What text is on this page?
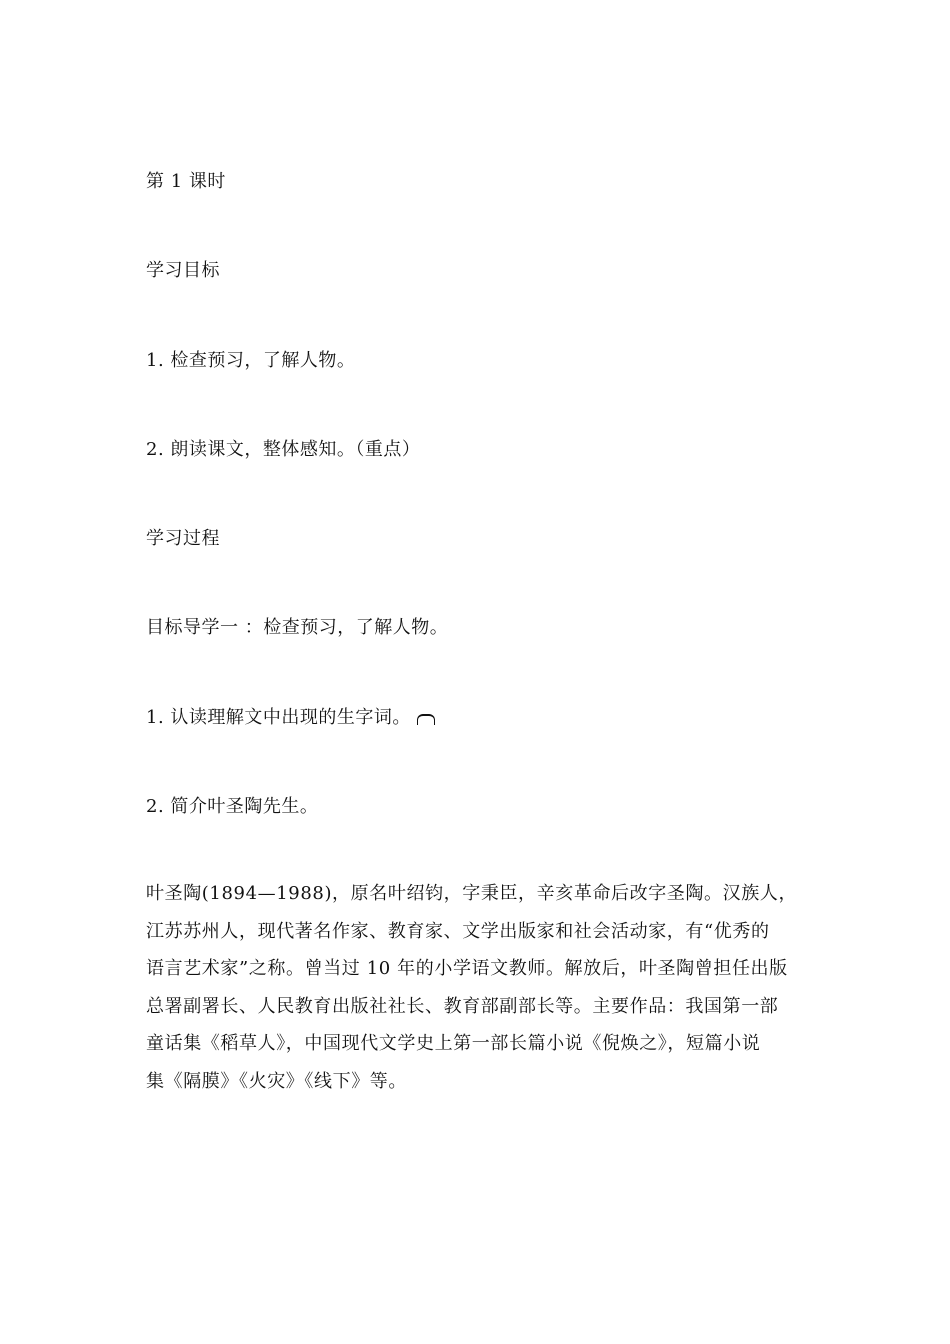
第 1 课时
学习目标
1. 检查预习，了解人物。
2. 朗读课文，整体感知。（重点）
学习过程
目标导学一 ：检查预习，了解人物。
1. 认读理解文中出现的生字词。
2. 简介叶圣陶先生。
叶圣陶(1894—1988)，原名叶绍钧，字秉臣，辛亥革命后改字圣陶。汉族人，
江苏苏州人，现代著名作家、教育家、文学出版家和社会活动家，有“优秀的
语言艺术家”之称。曾当过 10 年的小学语文教师。解放后，叶圣陶曾担任出版
总署副署长、人民教育出版社社长、教育部副部长等。主要作品：我国第一部
童话集《稻草人》，中国现代文学史上第一部长篇小说《倪焕之》，短篇小说
集《隔膜》《火灾》《线下》等。
